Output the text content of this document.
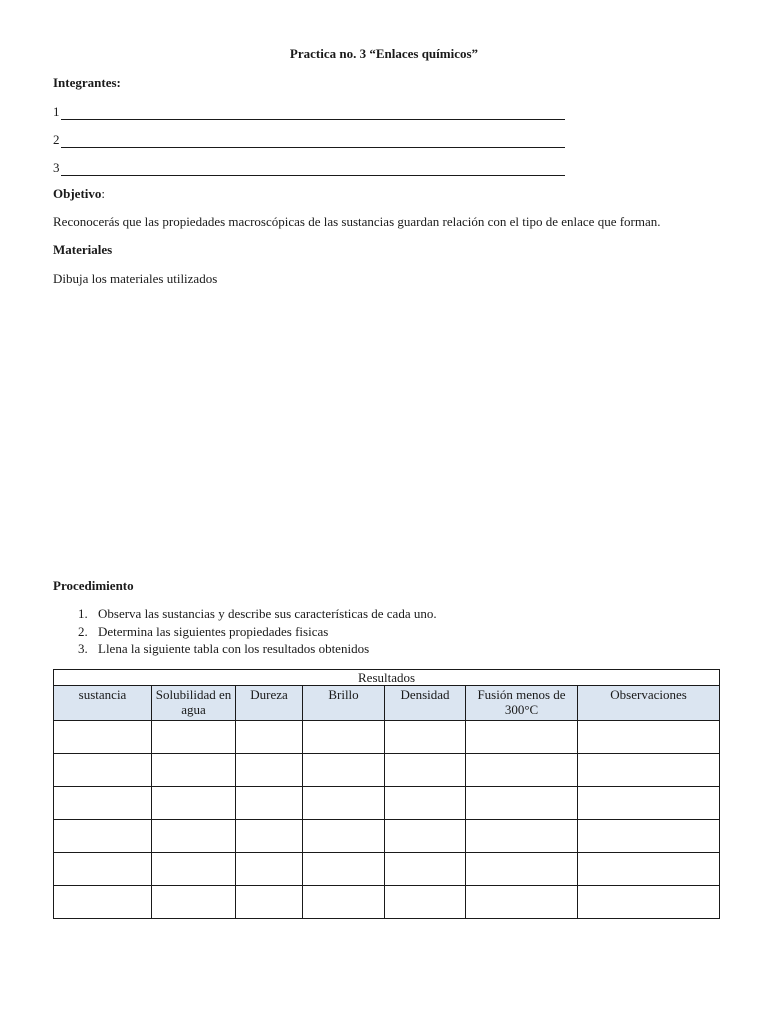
Practica no. 3 “Enlaces químicos”
Integrantes:
1
2
3
Objetivo:
Reconocerás que las propiedades macroscópicas de las sustancias guardan relación con el tipo de enlace que forman.
Materiales
Dibuja los materiales utilizados
Procedimiento
1. Observa las sustancias y describe sus características de cada uno.
2. Determina las siguientes propiedades fisicas
3. Llena la siguiente tabla con los resultados obtenidos
Resultados						
sustancia	Solubilidad en agua	Dureza	Brillo	Densidad	Fusión menos de 300°C	Observaciones
